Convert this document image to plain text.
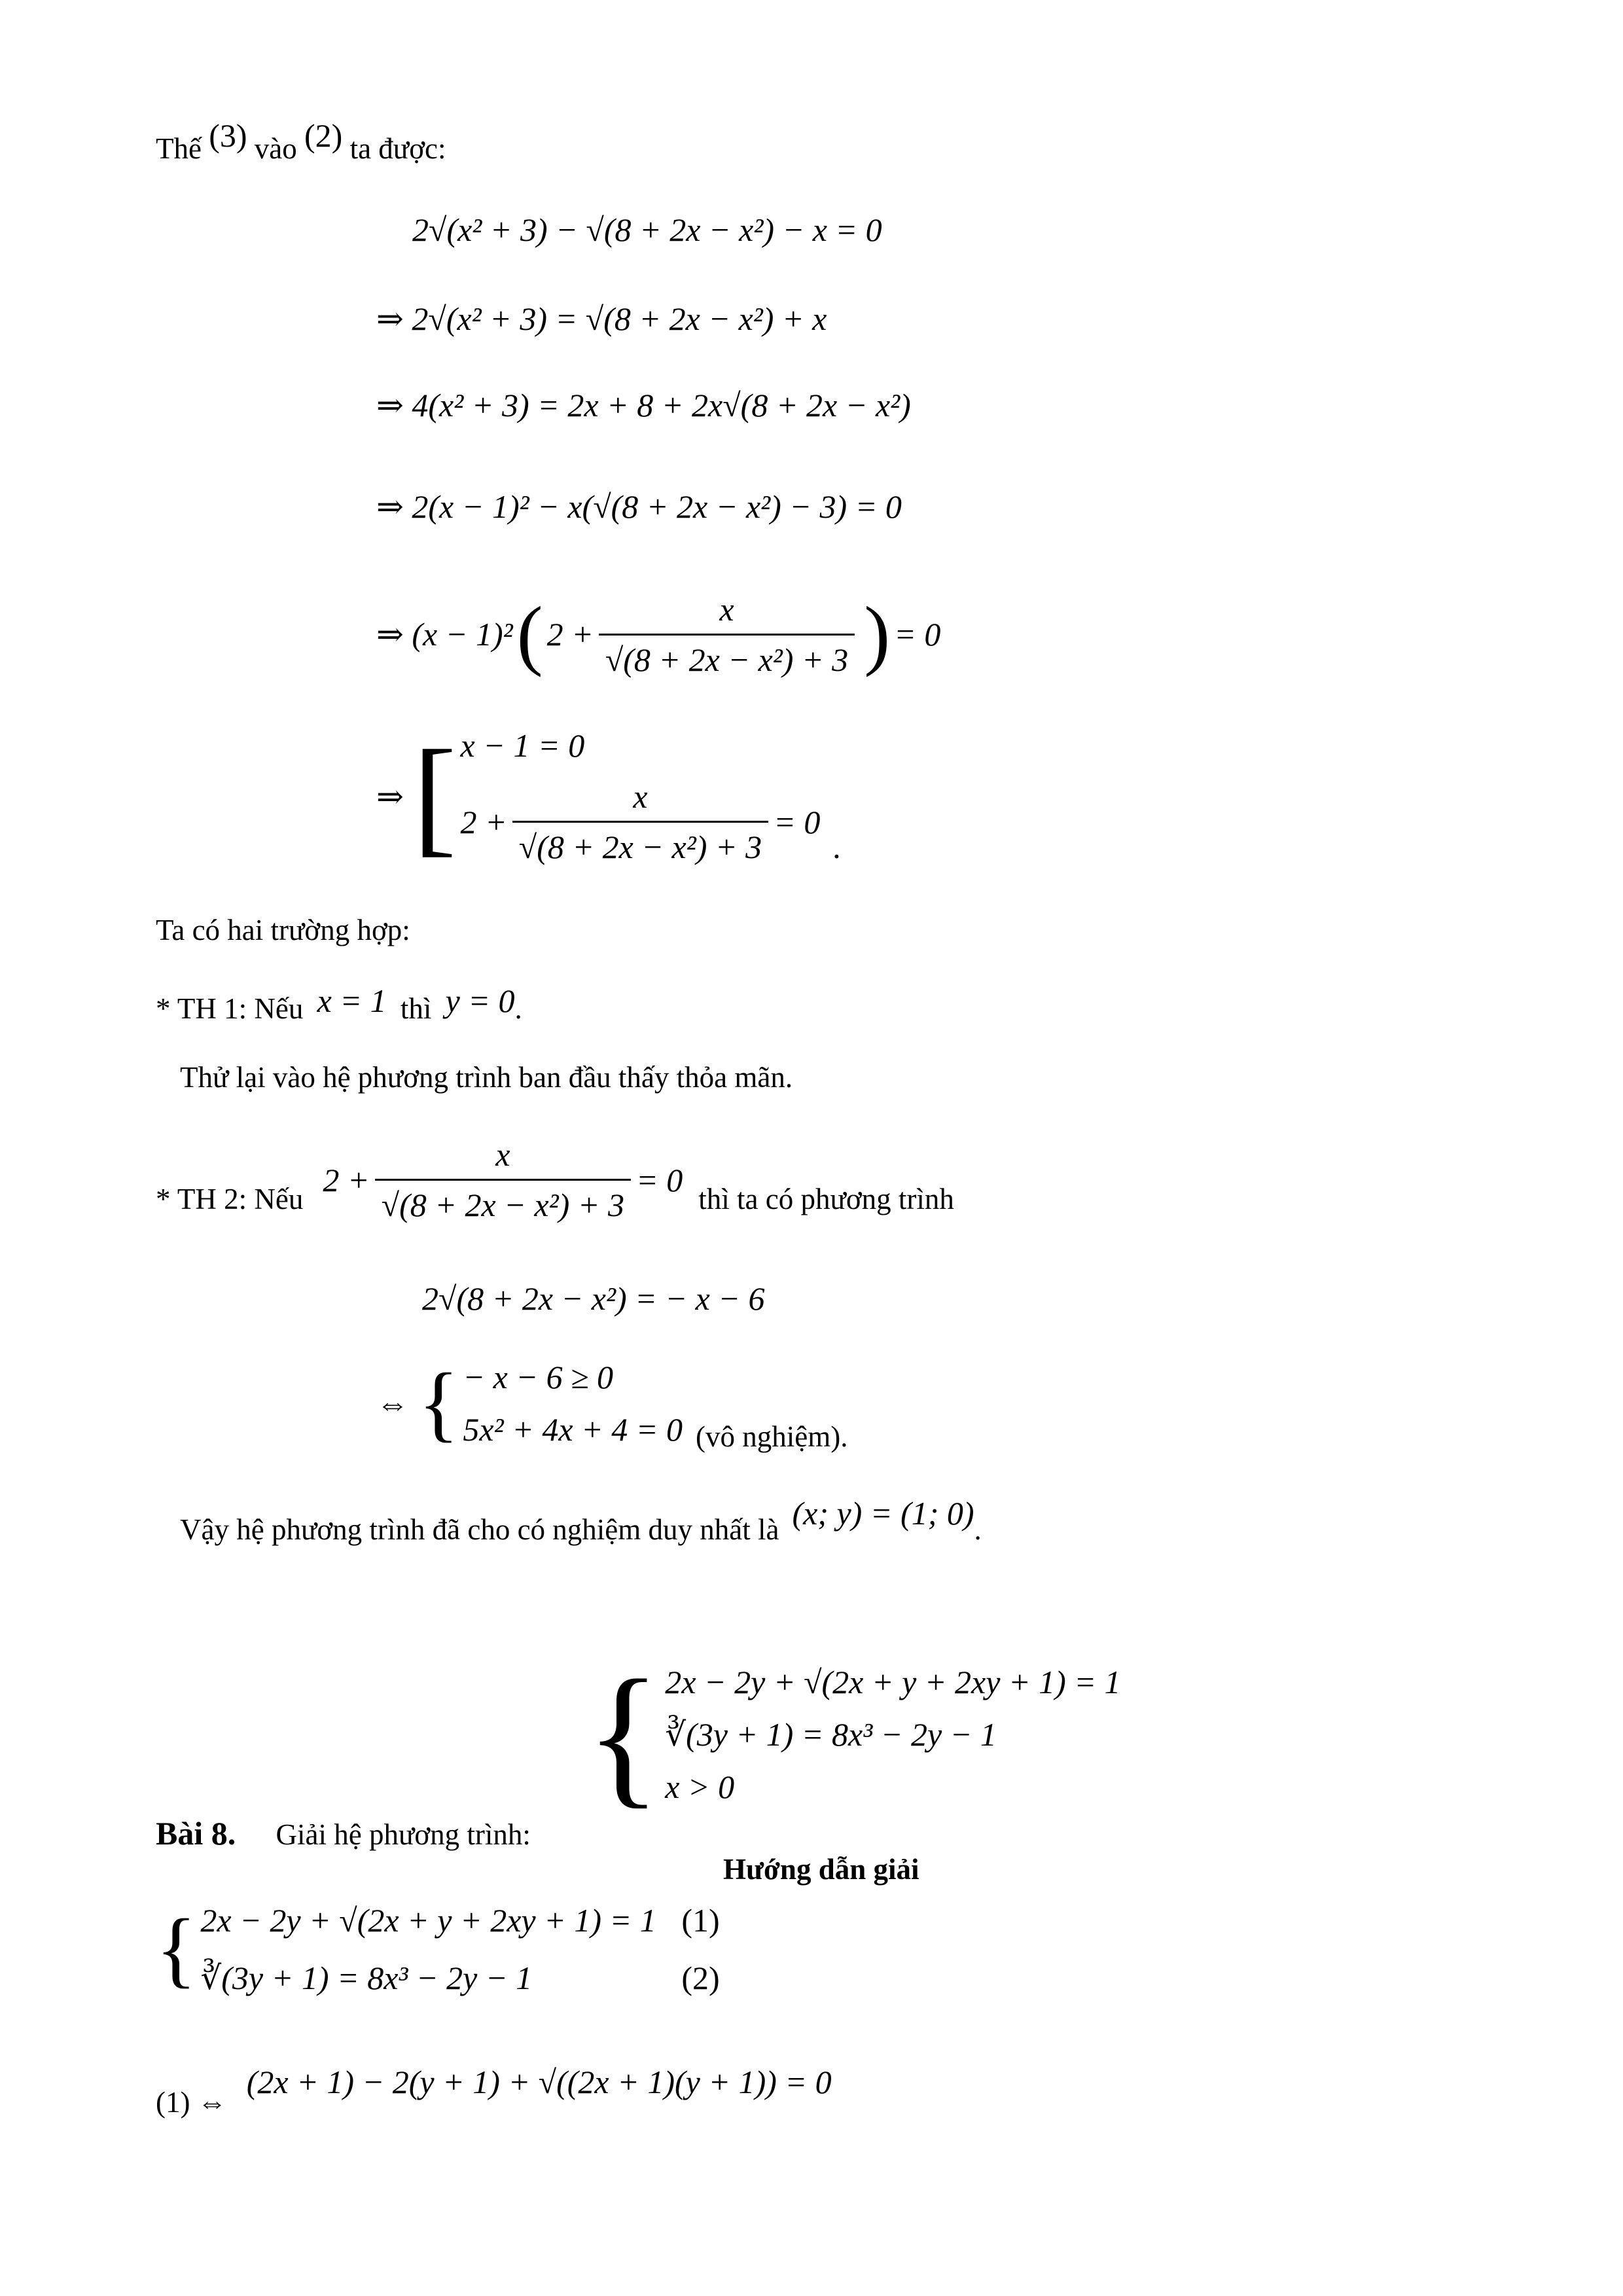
Thế (3) vào (2) ta được:
2√(x² + 3) − √(8 + 2x − x²) − x = 0
⇒ 2√(x² + 3) = √(8 + 2x − x²) + x
⇒ 4(x² + 3) = 2x + 8 + 2x√(8 + 2x − x²)
⇒ 2(x − 1)² − x(√(8 + 2x − x²) − 3) = 0
⇒ (x − 1)² ( $2 + \frac{x}{\text{√(8 + 2x − x²) + 3}}$ ) = 0
⇒ [ x − 1 = 0
$2 + \frac{x}{\text{√(8 + 2x − x²) + 3}} = 0$
.
Ta có hai trường hợp:
* TH 1: Nếu x = 1 thì y = 0.
Thử lại vào hệ phương trình ban đầu thấy thỏa mãn.
* TH 2: Nếu
$2 + \frac{x}{\text{√(8 + 2x − x²) + 3}} = 0$
thì ta có phương trình
2√(8 + 2x − x²) = − x − 6
⇔ { − x − 6 ≥ 0
5x² + 4x + 4 = 0 (vô nghiệm).
Vậy hệ phương trình đã cho có nghiệm duy nhất là (x; y) = (1; 0) .
{ 2x − 2y + √(2x + y + 2xy + 1) = 1
∛(3y + 1) = 8x³ − 2y − 1
x > 0
Bài 8. Giải hệ phương trình:
Hướng dẫn giải
{ 2x − 2y + √(2x + y + 2xy + 1) = 1 (1)
∛(3y + 1) = 8x³ − 2y − 1	(2)
(1) ⇔
(2x + 1) − 2(y + 1) + √((2x + 1)(y + 1)) = 0
